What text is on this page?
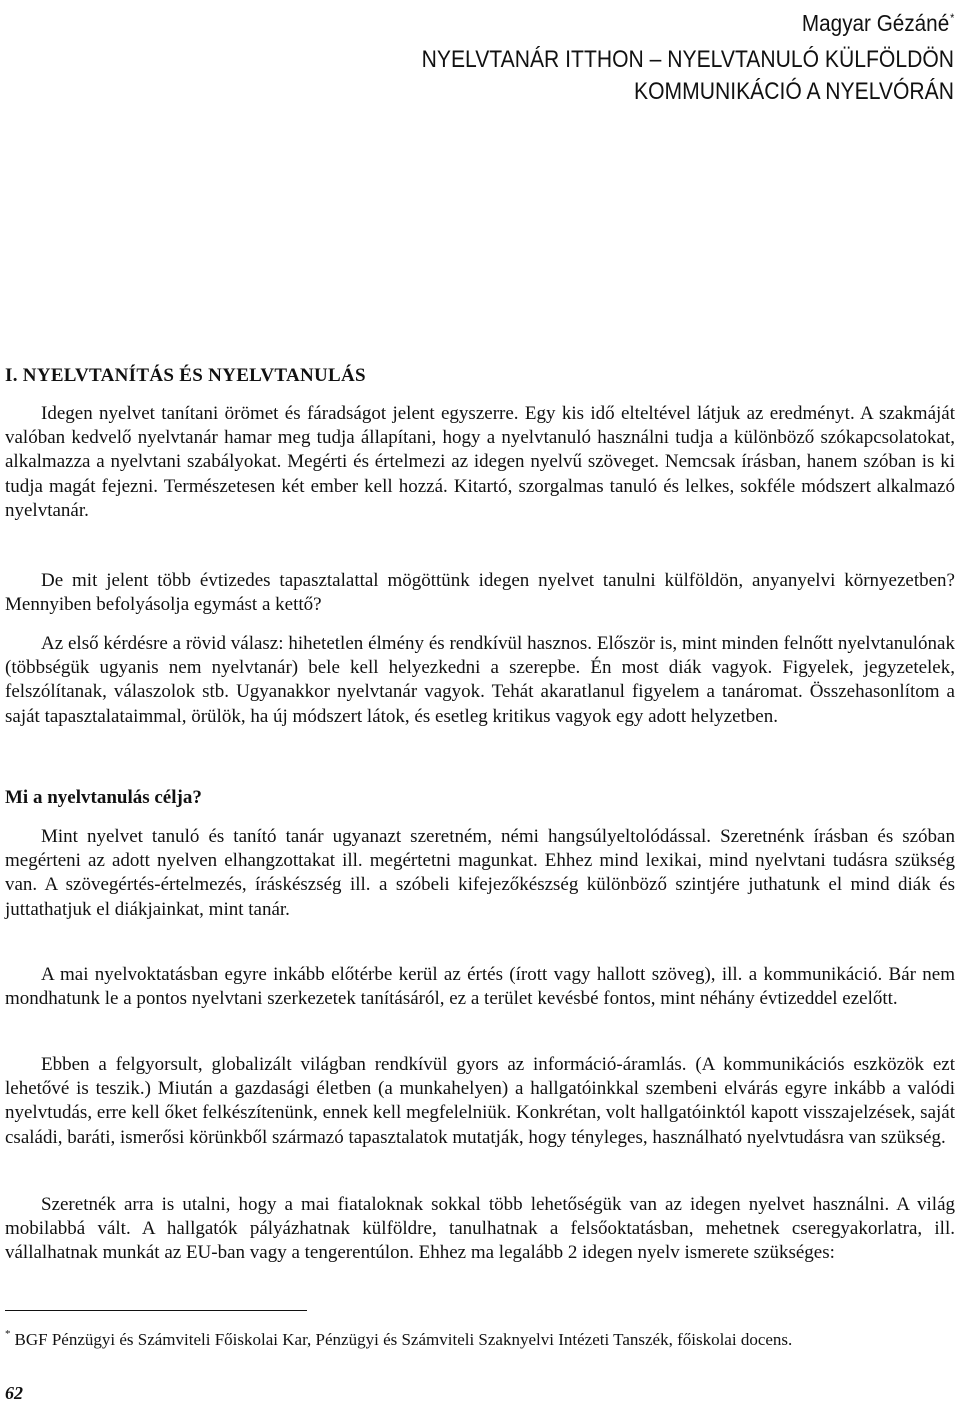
Magyar Gézáné*
NYELVTANÁR ITTHON – NYELVTANULÓ KÜLFÖLDÖN
KOMMUNIKÁCIÓ A NYELVÓRÁN
I. NYELVTANÍTÁS ÉS NYELVTANULÁS

Idegen nyelvet tanítani örömet és fáradságot jelent egyszerre. Egy kis idő elteltével látjuk az eredményt. A szakmáját valóban kedvelő nyelvtanár hamar meg tudja állapítani, hogy a nyelvtanuló használni tudja a különböző szókapcsolatokat, alkalmazza a nyelvtani szabályokat. Megérti és értelmezi az idegen nyelvű szöveget. Nemcsak írásban, hanem szóban is ki tudja magát fejezni. Természetesen két ember kell hozzá. Kitartó, szorgalmas tanuló és lelkes, sokféle módszert alkalmazó nyelvtanár.

De mit jelent több évtizedes tapasztalattal mögöttünk idegen nyelvet tanulni külföldön, anyanyelvi környezetben? Mennyiben befolyásolja egymást a kettő?

Az első kérdésre a rövid válasz: hihetetlen élmény és rendkívül hasznos. Először is, mint minden felnőtt nyelvtanulónak (többségük ugyanis nem nyelvtanár) bele kell helyezkedni a szerepbe. Én most diák vagyok. Figyelek, jegyzetelek, felszólítanak, válaszolok stb. Ugyanakkor nyelvtanár vagyok. Tehát akaratlanul figyelem a tanáromat. Összehasonlítom a saját tapasztalataimmal, örülök, ha új módszert látok, és esetleg kritikus vagyok egy adott helyzetben.

Mi a nyelvtanulás célja?

Mint nyelvet tanuló és tanító tanár ugyanazt szeretném, némi hangsúlyeltolódással. Szeretnénk írásban és szóban megérteni az adott nyelven elhangzottakat ill. megértetni magunkat. Ehhez mind lexikai, mind nyelvtani tudásra szükség van. A szövegértés-értelmezés, íráskészség ill. a szóbeli kifejezőkészség különböző szintjére juthatunk el mind diák és juttathatjuk el diákjainkat, mint tanár.

A mai nyelvoktatásban egyre inkább előtérbe kerül az értés (írott vagy hallott szöveg), ill. a kommunikáció. Bár nem mondhatunk le a pontos nyelvtani szerkezetek tanításáról, ez a terület kevésbé fontos, mint néhány évtizeddel ezelőtt.

Ebben a felgyorsult, globalizált világban rendkívül gyors az információ-áramlás. (A kommunikációs eszközök ezt lehetővé is teszik.) Miután a gazdasági életben (a munkahelyen) a hallgatóinkkal szembeni elvárás egyre inkább a valódi nyelvtudás, erre kell őket felkészítenünk, ennek kell megfelelniük. Konkrétan, volt hallgatóinktól kapott visszajelzések, saját családi, baráti, ismerősi körünkből származó tapasztalatok mutatják, hogy tényleges, használható nyelvtudásra van szükség.

Szeretnék arra is utalni, hogy a mai fiataloknak sokkal több lehetőségük van az idegen nyelvet használni. A világ mobilabbá vált. A hallgatók pályázhatnak külföldre, tanulhatnak a felsőoktatásban, mehetnek cseregyakorlatra, ill. vállalhatnak munkát az EU-ban vagy a tengerentúlon. Ehhez ma legalább 2 idegen nyelv ismerete szükséges:

* BGF Pénzügyi és Számviteli Főiskolai Kar, Pénzügyi és Számviteli Szaknyelvi Intézeti Tanszék, főiskolai docens.
62
